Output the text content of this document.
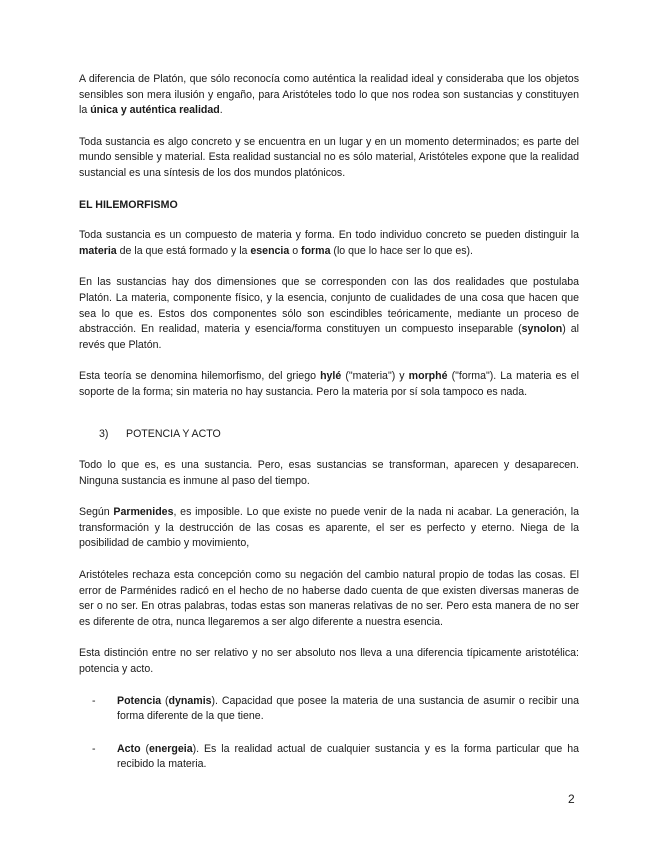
A diferencia de Platón, que sólo reconocía como auténtica la realidad ideal y consideraba que los objetos sensibles son mera ilusión y engaño, para Aristóteles todo lo que nos rodea son sustancias y constituyen la única y auténtica realidad.

Toda sustancia es algo concreto y se encuentra en un lugar y en un momento determinados; es parte del mundo sensible y material. Esta realidad sustancial no es sólo material, Aristóteles expone que la realidad sustancial es una síntesis de los dos mundos platónicos.

EL HILEMORFISMO

Toda sustancia es un compuesto de materia y forma. En todo individuo concreto se pueden distinguir la materia de la que está formado y la esencia o forma (lo que lo hace ser lo que es).

En las sustancias hay dos dimensiones que se corresponden con las dos realidades que postulaba Platón. La materia, componente físico, y la esencia, conjunto de cualidades de una cosa que hacen que sea lo que es. Estos dos componentes sólo son escindibles teóricamente, mediante un proceso de abstracción. En realidad, materia y esencia/forma constituyen un compuesto inseparable (synolon) al revés que Platón.

Esta teoría se denomina hilemorfismo, del griego hylé ("materia") y morphé ("forma"). La materia es el soporte de la forma; sin materia no hay sustancia. Pero la materia por sí sola tampoco es nada.

3) POTENCIA Y ACTO

Todo lo que es, es una sustancia. Pero, esas sustancias se transforman, aparecen y desaparecen. Ninguna sustancia es inmune al paso del tiempo.

Según Parmenides, es imposible. Lo que existe no puede venir de la nada ni acabar. La generación, la transformación y la destrucción de las cosas es aparente, el ser es perfecto y eterno. Niega de la posibilidad de cambio y movimiento,

Aristóteles rechaza esta concepción como su negación del cambio natural propio de todas las cosas. El error de Parménides radicó en el hecho de no haberse dado cuenta de que existen diversas maneras de ser o no ser. En otras palabras, todas estas son maneras relativas de no ser. Pero esta manera de no ser es diferente de otra, nunca llegaremos a ser algo diferente a nuestra esencia.

Esta distinción entre no ser relativo y no ser absoluto nos lleva a una diferencia típicamente aristotélica: potencia y acto.

- Potencia (dynamis). Capacidad que posee la materia de una sustancia de asumir o recibir una forma diferente de la que tiene.
- Acto (energeia). Es la realidad actual de cualquier sustancia y es la forma particular que ha recibido la materia.
2
